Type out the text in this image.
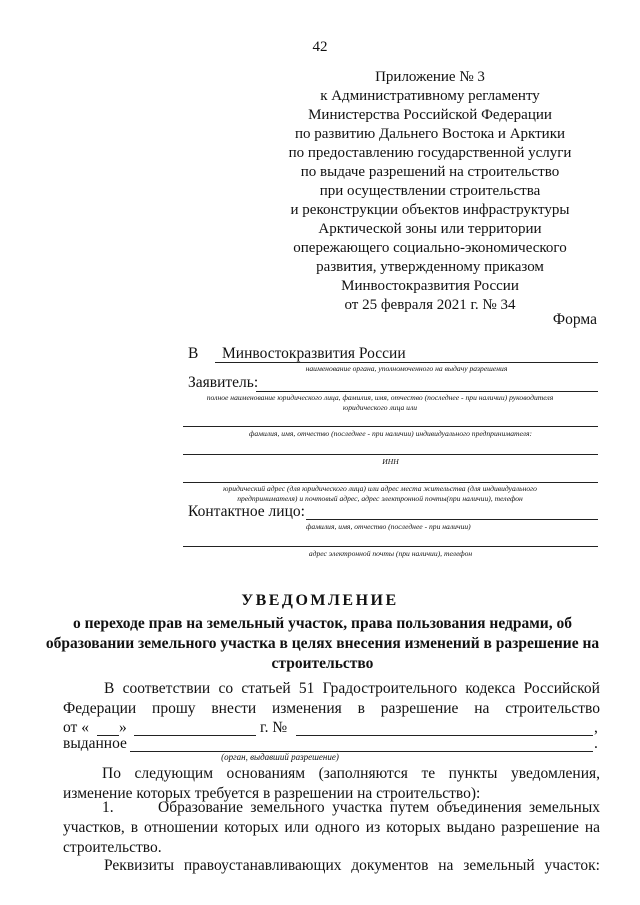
42
Приложение № 3
к Административному регламенту
Министерства Российской Федерации
по развитию Дальнего Востока и Арктики
по предоставлению государственной услуги
по выдаче разрешений на строительство
при осуществлении строительства
и реконструкции объектов инфраструктуры
Арктической зоны или территории
опережающего социально-экономического
развития, утвержденному приказом
Минвостокразвития России
от 25 февраля 2021 г. № 34
Форма
В Минвостокразвития России
наименование органа, уполномоченного на выдачу разрешения
Заявитель:
полное наименование юридического лица, фамилия, имя, отчество (последнее - при наличии) руководителя
юридического лица или
фамилия, имя, отчество (последнее - при наличии) индивидуального предпринимателя:
ИНН
юридический адрес (для юридического лица) или адрес места жительства (для индивидуального
предпринимателя) и почтовый адрес, адрес электронной почты(при наличии), телефон
Контактное лицо:
фамилия, имя, отчество (последнее - при наличии)
адрес электронной почты (при наличии), телефон
УВЕДОМЛЕНИЕ
о переходе прав на земельный участок, права пользования недрами, об образовании земельного участка в целях внесения изменений в разрешение на строительство
В соответствии со статьей 51 Градостроительного кодекса Российской
Федерации прошу внести изменения в разрешение на строительство
от « »	г. №	,
выданное	.
(орган, выдавший разрешение)
По следующим основаниям (заполняются те пункты уведомления, изменение которых требуется в разрешении на строительство):
1.	Образование земельного участка путем объединения земельных участков, в отношении которых или одного из которых выдано разрешение на строительство.
Реквизиты правоустанавливающих документов на земельный участок:
